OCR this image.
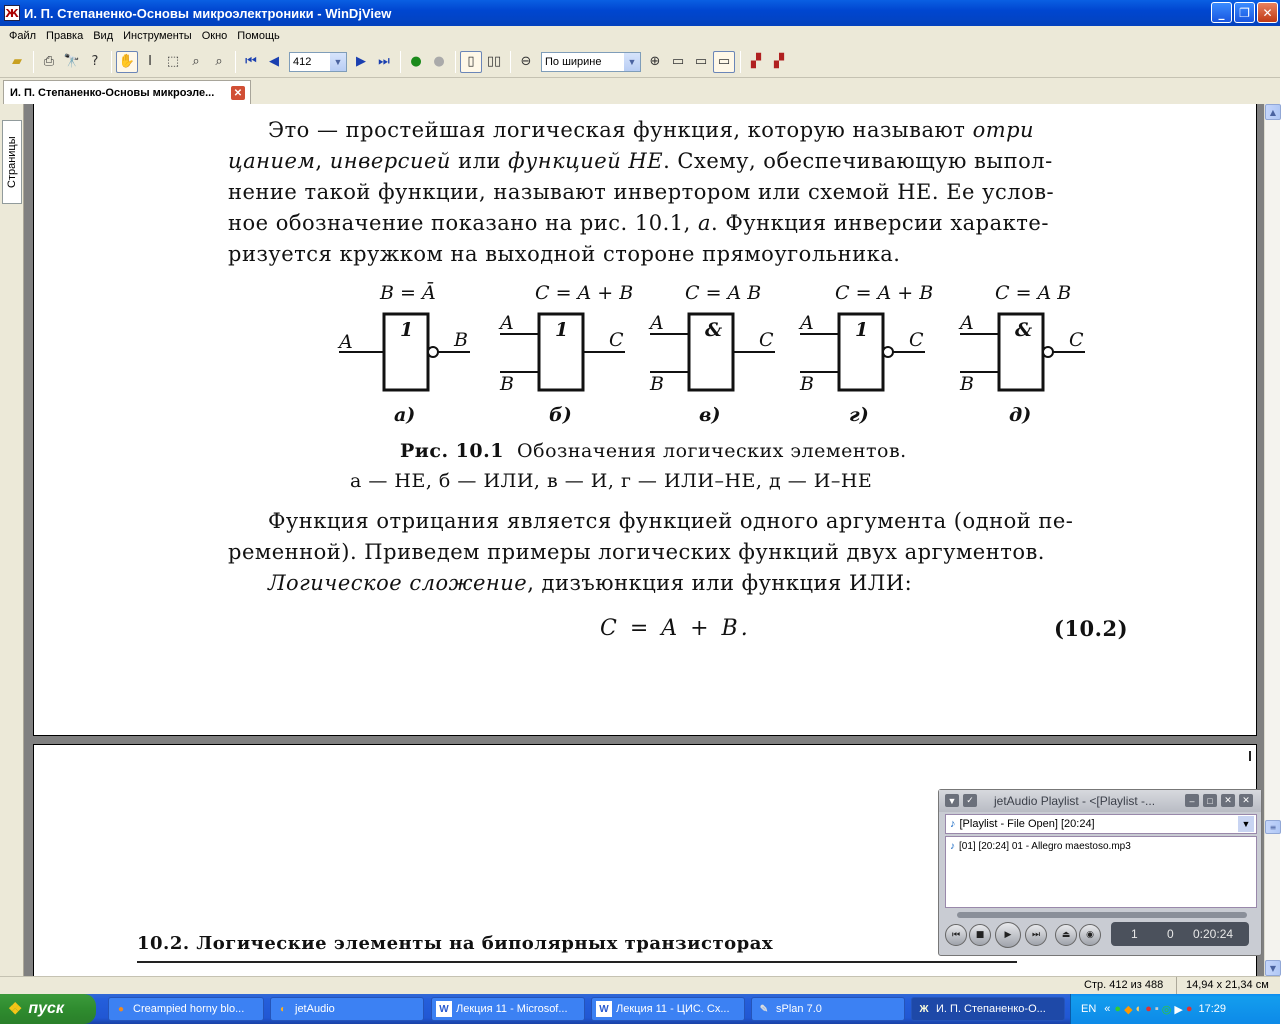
Ж И. П. Степаненко-Основы микроэлектроники - WinDjView	_	❐	✕
Файл Правка Вид Инструменты Окно Помощь
▰	⎙ 🔭 ?	✋ I	⬚	⌕	⌕	⏮ ◀	412	▼	▶ ⏭	● ●	▯ ▯▯	⊖	По ширине	▼	⊕ ▭ ▭ ▭	▞	▞
И. П. Степаненко-Основы микроэле... ✕
Страницы
Это — простейшая логическая функция, которую называют отри
цанием, инверсией или функцией НЕ. Схему, обеспечивающую выпол-
нение такой функции, называют инвертором или схемой НЕ. Ее услов-
ное обозначение показано на рис. 10.1, а. Функция инверсии характе-
ризуется кружком на выходной стороне прямоугольника.
B = Ā
1
A	B
а)
C = A + B
1
A
B
C
б)
C = A B
&
A
B
C
в)
C = A + B
1
A
B
C
г)
C = A B
&
A
B
C
д)
Рис. 10.1 Обозначения логических элементов.
а — НЕ, б — ИЛИ, в — И, г — ИЛИ–НЕ, д — И–НЕ
Функция отрицания является функцией одного аргумента (одной пе-
ременной). Приведем примеры логических функций двух аргументов.
Логическое сложение, дизъюнкция или функция ИЛИ:
C = A + B.	(10.2)
10.2. Логические элементы на биполярных транзисторах
▲
≡
▼
▼	✓ jetAudio Playlist - <[Playlist -...	–	□	✕	✕
♪ [Playlist - File Open] [20:24]	▼
♪ [01] [20:24] 01 - Allegro maestoso.mp3
⏮	■	▶	⏭	⏏	◉	1 0 0:20:24
Стр. 412 из 488 14,94 x 21,34 см
❖ пуск	● Creampied horny blo...	◐ jetAudio	W Лекция 11 - Microsof...	W Лекция 11 - ЦИС. Сх...	✎ sPlan 7.0	Ж И. П. Степаненко-О...	EN « ● ◆ ◐ ● ▪ ◎ ▶ ● 17:29
